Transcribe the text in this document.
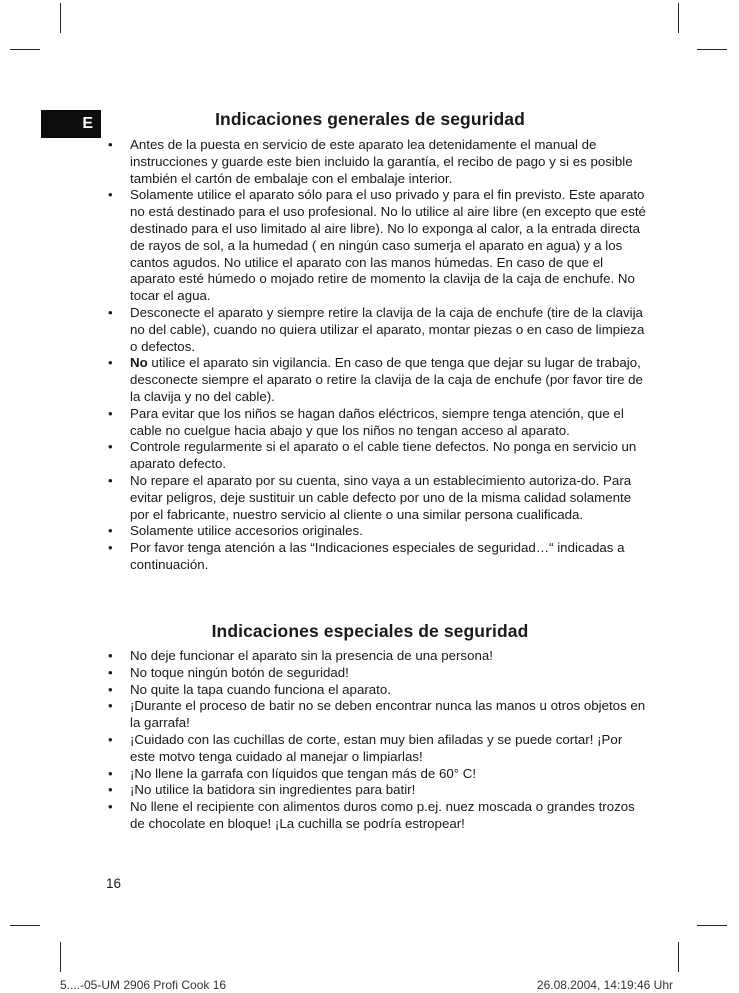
E	Indicaciones generales de seguridad
• Antes de la puesta en servicio de este aparato lea detenidamente el manual de instrucciones y guarde este bien incluido la garantía, el recibo de pago y si es posible también el cartón de embalaje con el embalaje interior.
• Solamente utilice el aparato sólo para el uso privado y para el fin previsto. Este aparato no está destinado para el uso profesional. No lo utilice al aire libre (en excepto que esté destinado para el uso limitado al aire libre). No lo exponga al calor, a la entrada directa de rayos de sol, a la humedad ( en ningún caso sumerja el aparato en agua) y a los cantos agudos. No utilice el aparato con las manos húmedas. En caso de que el aparato esté húmedo o mojado retire de momento la clavija de la caja de enchufe. No tocar el agua.
• Desconecte el aparato y siempre retire la clavija de la caja de enchufe (tire de la clavija no del cable), cuando no quiera utilizar el aparato, montar piezas o en caso de limpieza o defectos.
• No utilice el aparato sin vigilancia. En caso de que tenga que dejar su lugar de trabajo, desconecte siempre el aparato o retire la clavija de la caja de enchufe (por favor tire de la clavija y no del cable).
• Para evitar que los niños se hagan daños eléctricos, siempre tenga atención, que el cable no cuelgue hacia abajo y que los niños no tengan acceso al aparato.
• Controle regularmente si el aparato o el cable tiene defectos. No ponga en servicio un aparato defecto.
• No repare el aparato por su cuenta, sino vaya a un establecimiento autoriza-do. Para evitar peligros, deje sustituir un cable defecto por uno de la misma calidad solamente por el fabricante, nuestro servicio al cliente o una similar persona cualificada.
• Solamente utilice accesorios originales.
• Por favor tenga atención a las “Indicaciones especiales de seguridad…“ indicadas a continuación.
Indicaciones especiales de seguridad
• No deje funcionar el aparato sin la presencia de una persona!
• No toque ningún botón de seguridad!
• No quite la tapa cuando funciona el aparato.
• ¡Durante el proceso de batir no se deben encontrar nunca las manos u otros objetos en la garrafa!
• ¡Cuidado con las cuchillas de corte, estan muy bien afiladas y se puede cortar! ¡Por este motvo tenga cuidado al manejar o limpiarlas!
• ¡No llene la garrafa con líquidos que tengan más de 60° C!
• ¡No utilice la batidora sin ingredientes para batir!
• No llene el recipiente con alimentos duros como p.ej. nuez moscada o grandes trozos de chocolate en bloque! ¡La cuchilla se podría estropear!
16
5....-05-UM 2906 Profi Cook 16	26.08.2004, 14:19:46 Uhr
